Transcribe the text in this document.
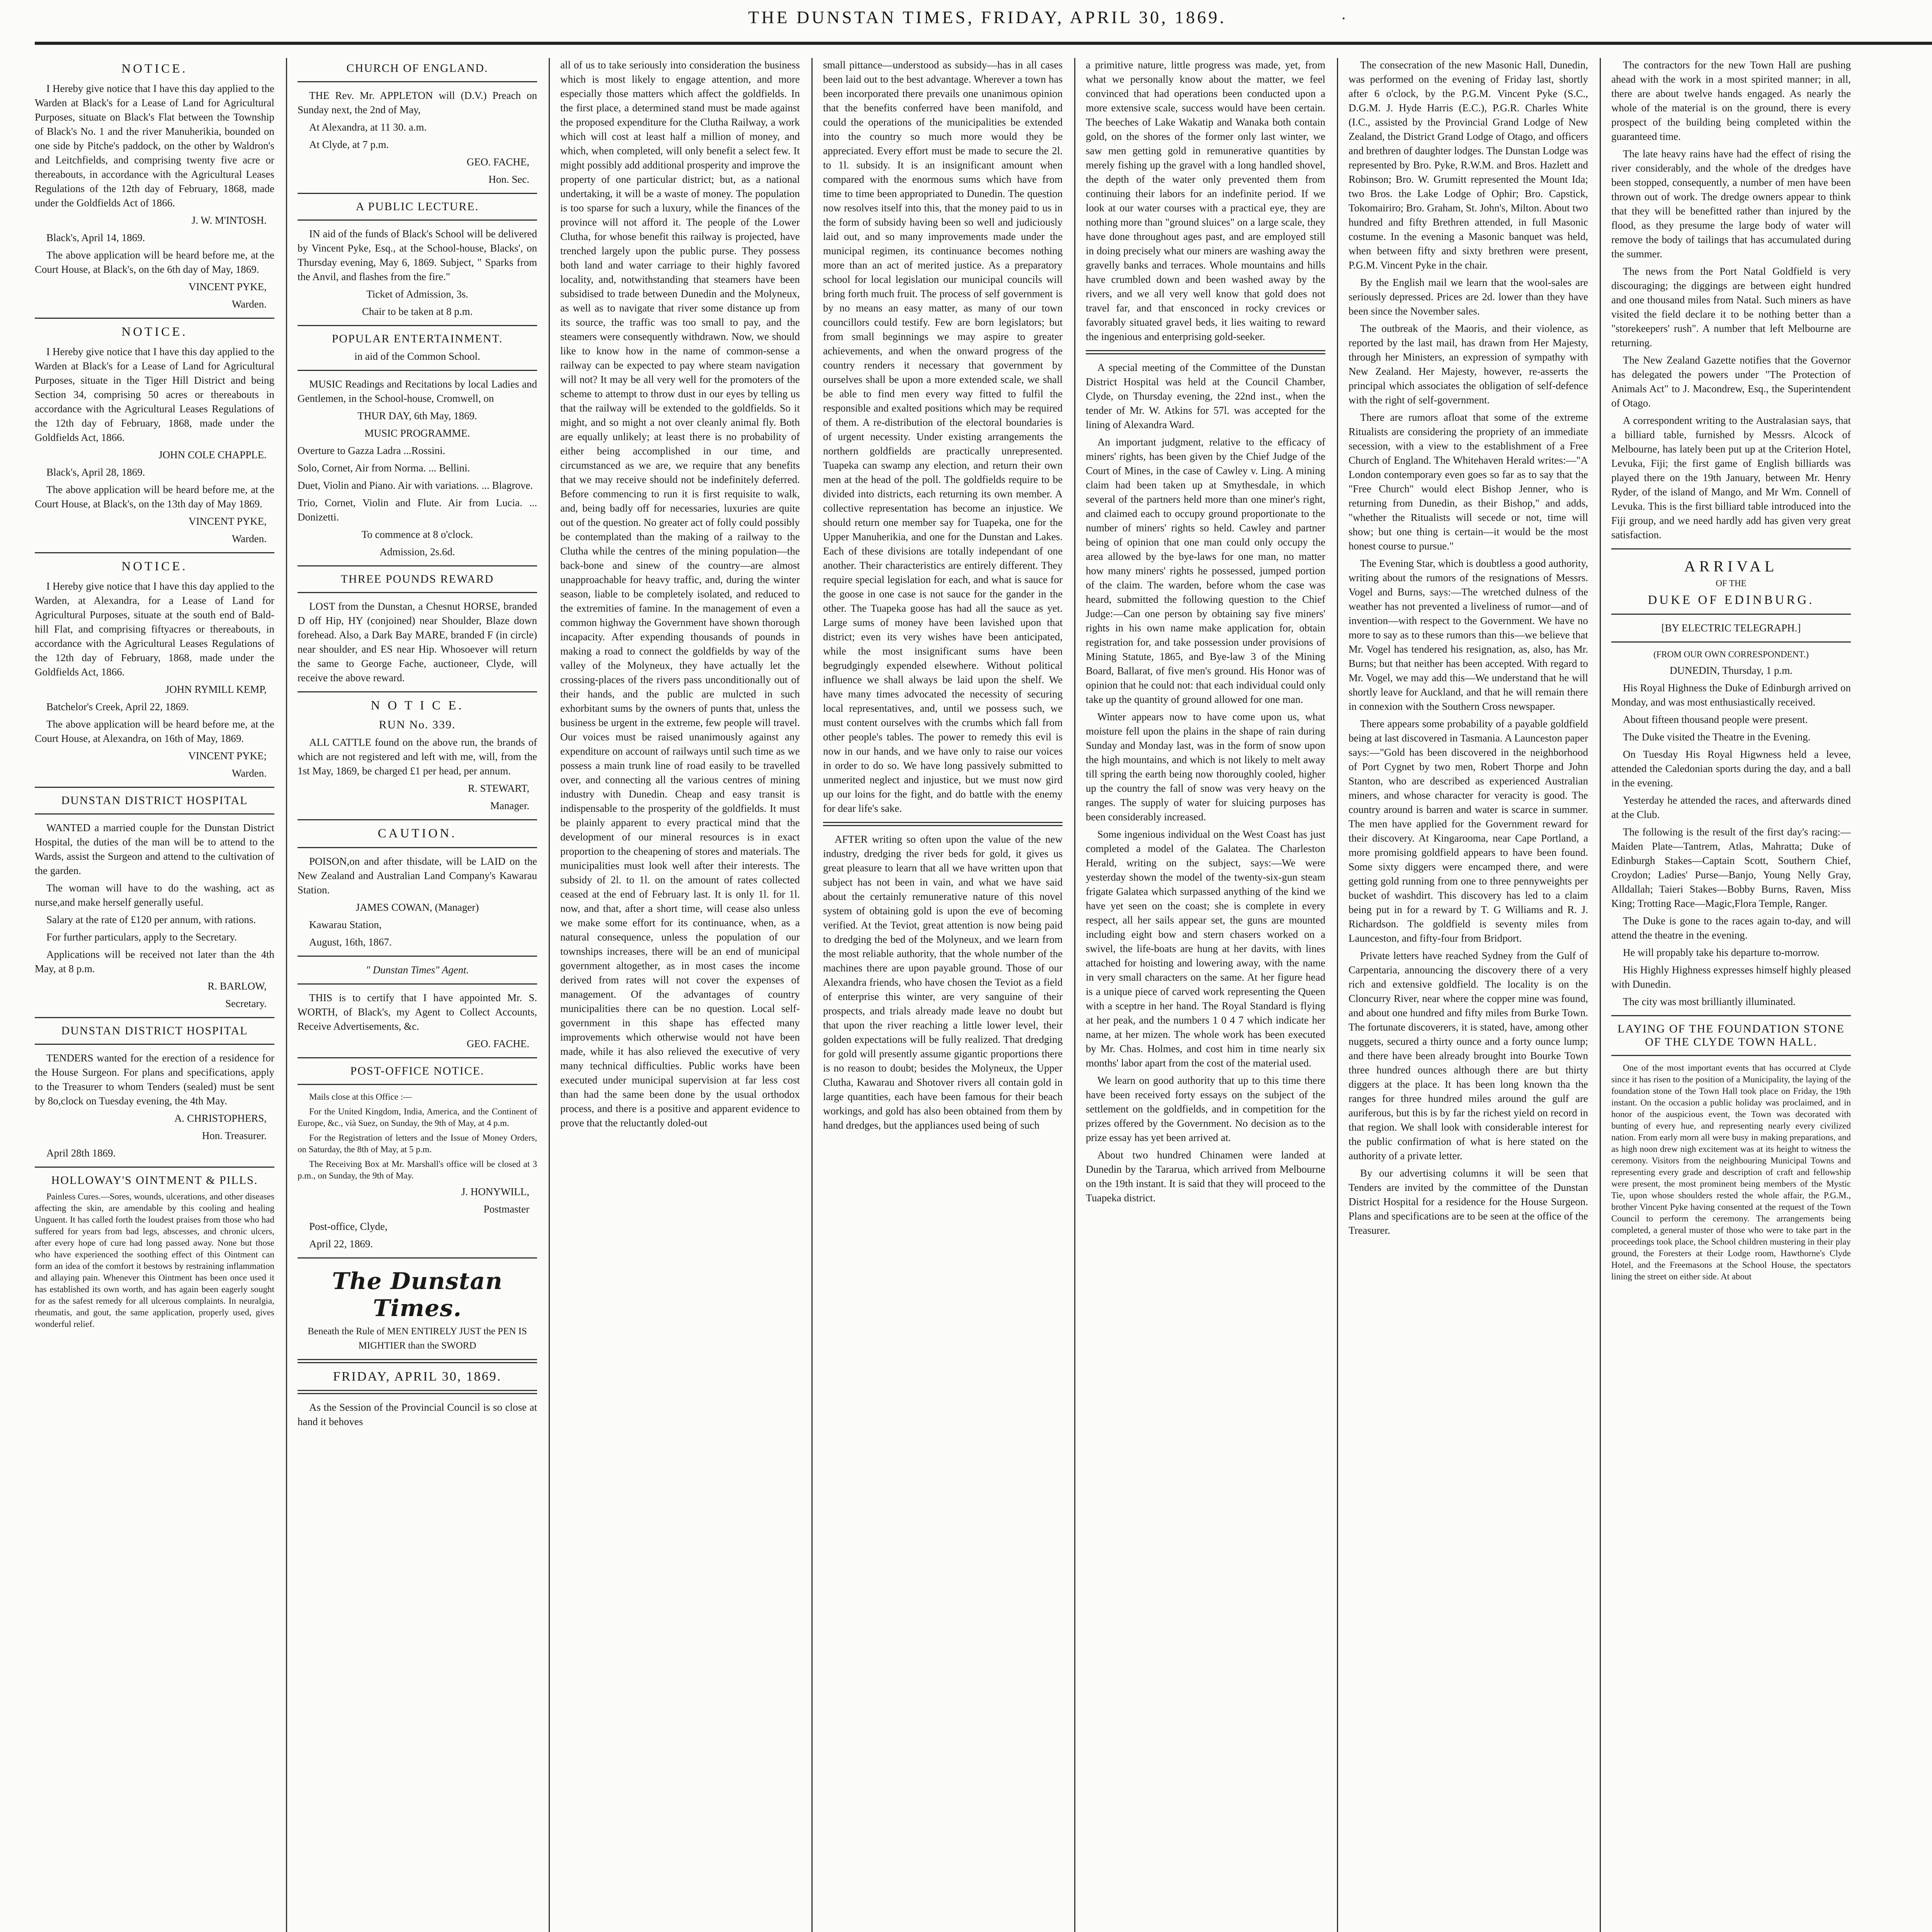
THE DUNSTAN TIMES, FRIDAY, APRIL 30, 1869.	·
NOTICE.

I Hereby give notice that I have this day applied to the Warden at Black's for a Lease of Land for Agricultural Purposes, situate on Black's Flat between the Township of Black's No. 1 and the river Manuherikia, bounded on one side by Pitche's paddock, on the other by Waldron's and Leitchfields, and comprising twenty five acre or thereabouts, in accordance with the Agricultural Leases Regulations of the 12th day of February, 1868, made under the Goldfields Act of 1866.

J. W. M'INTOSH.

Black's, April 14, 1869.

The above application will be heard before me, at the Court House, at Black's, on the 6th day of May, 1869.

VINCENT PYKE,

Warden.

NOTICE.

I Hereby give notice that I have this day applied to the Warden at Black's for a Lease of Land for Agricultural Purposes, situate in the Tiger Hill District and being Section 34, comprising 50 acres or thereabouts in accordance with the Agricultural Leases Regulations of the 12th day of February, 1868, made under the Goldfields Act, 1866.

JOHN COLE CHAPPLE.

Black's, April 28, 1869.

The above application will be heard before me, at the Court House, at Black's, on the 13th day of May 1869.

VINCENT PYKE,

Warden.

NOTICE.

I Hereby give notice that I have this day applied to the Warden, at Alexandra, for a Lease of Land for Agricultural Purposes, situate at the south end of Bald-hill Flat, and comprising fiftyacres or thereabouts, in accordance with the Agricultural Leases Regulations of the 12th day of February, 1868, made under the Goldfields Act, 1866.

JOHN RYMILL KEMP,

Batchelor's Creek, April 22, 1869.

The above application will be heard before me, at the Court House, at Alexandra, on 16th of May, 1869.

VINCENT PYKE;

Warden.

DUNSTAN DISTRICT HOSPITAL

WANTED a married couple for the Dunstan District Hospital, the duties of the man will be to attend to the Wards, assist the Surgeon and attend to the cultivation of the garden.

The woman will have to do the washing, act as nurse,and make herself generally useful.

Salary at the rate of £120 per annum, with rations.

For further particulars, apply to the Secretary.

Applications will be received not later than the 4th May, at 8 p.m.

R. BARLOW,

Secretary.

DUNSTAN DISTRICT HOSPITAL

TENDERS wanted for the erection of a residence for the House Surgeon. For plans and specifications, apply to the Treasurer to whom Tenders (sealed) must be sent by 8o,clock on Tuesday evening, the 4th May.

A. CHRISTOPHERS,

Hon. Treasurer.

April 28th 1869.

HOLLOWAY'S OINTMENT & PILLS.

Painless Cures.—Sores, wounds, ulcerations, and other diseases affecting the skin, are amendable by this cooling and healing Unguent. It has called forth the loudest praises from those who had suffered for years from bad legs, abscesses, and chronic ulcers, after every hope of cure had long passed away. None but those who have experienced the soothing effect of this Ointment can form an idea of the comfort it bestows by restraining inflammation and allaying pain. Whenever this Ointment has been once used it has established its own worth, and has again been eagerly sought for as the safest remedy for all ulcerous complaints. In neuralgia, rheumatis, and gout, the same application, properly used, gives wonderful relief.

CHURCH OF ENGLAND.

THE Rev. Mr. APPLETON will (D.V.) Preach on Sunday next, the 2nd of May,

At Alexandra, at 11 30. a.m.

At Clyde, at 7 p.m.

GEO. FACHE,

Hon. Sec.

A PUBLIC LECTURE.

IN aid of the funds of Black's School will be delivered by Vincent Pyke, Esq., at the School-house, Blacks', on Thursday evening, May 6, 1869. Subject, " Sparks from the Anvil, and flashes from the fire."

Ticket of Admission, 3s.

Chair to be taken at 8 p.m.

POPULAR ENTERTAINMENT.

in aid of the Common School.

MUSIC Readings and Recitations by local Ladies and Gentlemen, in the School-house, Cromwell, on

THUR DAY, 6th May, 1869.

MUSIC PROGRAMME.

Overture to Gazza Ladra ...Rossini.

Solo, Cornet, Air from Norma. ... Bellini.

Duet, Violin and Piano. Air with variations. ... Blagrove.

Trio, Cornet, Violin and Flute. Air from Lucia. ... Donizetti.

To commence at 8 o'clock.

Admission, 2s.6d.

THREE POUNDS REWARD

LOST from the Dunstan, a Chesnut HORSE, branded D off Hip, HY (conjoined) near Shoulder, Blaze down forehead. Also, a Dark Bay MARE, branded F (in circle) near shoulder, and ES near Hip. Whosoever will return the same to George Fache, auctioneer, Clyde, will receive the above reward.

N O T I C E.
RUN No. 339.

ALL CATTLE found on the above run, the brands of which are not registered and left with me, will, from the 1st May, 1869, be charged £1 per head, per annum.

R. STEWART,

Manager.

CAUTION.

POISON,on and after thisdate, will be LAID on the New Zealand and Australian Land Company's Kawarau Station.

JAMES COWAN, (Manager)

Kawarau Station,

August, 16th, 1867.

" Dunstan Times" Agent.

THIS is to certify that I have appointed Mr. S. WORTH, of Black's, my Agent to Collect Accounts, Receive Advertisements, &c.

GEO. FACHE.

POST-OFFICE NOTICE.

Mails close at this Office :—

For the United Kingdom, India, America, and the Continent of Europe, &c., vià Suez, on Sunday, the 9th of May, at 4 p.m.

For the Registration of letters and the Issue of Money Orders, on Saturday, the 8th of May, at 5 p.m.

The Receiving Box at Mr. Marshall's office will be closed at 3 p.m., on Sunday, the 9th of May.

J. HONYWILL,

Postmaster

Post-office, Clyde,

April 22, 1869.

The Dunstan Times.

Beneath the Rule of MEN ENTIRELY JUST the PEN IS MIGHTIER than the SWORD

FRIDAY, APRIL 30, 1869.

As the Session of the Provincial Council is so close at hand it behoves

all of us to take seriously into consideration the business which is most likely to engage attention, and more especially those matters which affect the goldfields. In the first place, a determined stand must be made against the proposed expenditure for the Clutha Railway, a work which will cost at least half a million of money, and which, when completed, will only benefit a select few. It might possibly add additional prosperity and improve the property of one particular district; but, as a national undertaking, it will be a waste of money. The population is too sparse for such a luxury, while the finances of the province will not afford it. The people of the Lower Clutha, for whose benefit this railway is projected, have trenched largely upon the public purse. They possess both land and water carriage to their highly favored locality, and, notwithstanding that steamers have been subsidised to trade between Dunedin and the Molyneux, as well as to navigate that river some distance up from its source, the traffic was too small to pay, and the steamers were consequently withdrawn. Now, we should like to know how in the name of common-sense a railway can be expected to pay where steam navigation will not? It may be all very well for the promoters of the scheme to attempt to throw dust in our eyes by telling us that the railway will be extended to the goldfields. So it might, and so might a not over cleanly animal fly. Both are equally unlikely; at least there is no probability of either being accomplished in our time, and circumstanced as we are, we require that any benefits that we may receive should not be indefinitely deferred. Before commencing to run it is first requisite to walk, and, being badly off for necessaries, luxuries are quite out of the question. No greater act of folly could possibly be contemplated than the making of a railway to the Clutha while the centres of the mining population—the back-bone and sinew of the country—are almost unapproachable for heavy traffic, and, during the winter season, liable to be completely isolated, and reduced to the extremities of famine. In the management of even a common highway the Government have shown thorough incapacity. After expending thousands of pounds in making a road to connect the goldfields by way of the valley of the Molyneux, they have actually let the crossing-places of the rivers pass unconditionally out of their hands, and the public are mulcted in such exhorbitant sums by the owners of punts that, unless the business be urgent in the extreme, few people will travel. Our voices must be raised unanimously against any expenditure on account of railways until such time as we possess a main trunk line of road easily to be travelled over, and connecting all the various centres of mining industry with Dunedin. Cheap and easy transit is indispensable to the prosperity of the goldfields. It must be plainly apparent to every practical mind that the development of our mineral resources is in exact proportion to the cheapening of stores and materials. The municipalities must look well after their interests. The subsidy of 2l. to 1l. on the amount of rates collected ceased at the end of February last. It is only 1l. for 1l. now, and that, after a short time, will cease also unless we make some effort for its continuance, when, as a natural consequence, unless the population of our townships increases, there will be an end of municipal government altogether, as in most cases the income derived from rates will not cover the expenses of management. Of the advantages of country municipalities there can be no question. Local self-government in this shape has effected many improvements which otherwise would not have been made, while it has also relieved the executive of very many technical difficulties. Public works have been executed under municipal supervision at far less cost than had the same been done by the usual orthodox process, and there is a positive and apparent evidence to prove that the reluctantly doled-out

small pittance—understood as subsidy—has in all cases been laid out to the best advantage. Wherever a town has been incorporated there prevails one unanimous opinion that the benefits conferred have been manifold, and could the operations of the municipalities be extended into the country so much more would they be appreciated. Every effort must be made to secure the 2l. to 1l. subsidy. It is an insignificant amount when compared with the enormous sums which have from time to time been appropriated to Dunedin. The question now resolves itself into this, that the money paid to us in the form of subsidy having been so well and judiciously laid out, and so many improvements made under the municipal regimen, its continuance becomes nothing more than an act of merited justice. As a preparatory school for local legislation our municipal councils will bring forth much fruit. The process of self government is by no means an easy matter, as many of our town councillors could testify. Few are born legislators; but from small beginnings we may aspire to greater achievements, and when the onward progress of the country renders it necessary that government by ourselves shall be upon a more extended scale, we shall be able to find men every way fitted to fulfil the responsible and exalted positions which may be required of them. A re-distribution of the electoral boundaries is of urgent necessity. Under existing arrangements the northern goldfields are practically unrepresented. Tuapeka can swamp any election, and return their own men at the head of the poll. The goldfields require to be divided into districts, each returning its own member. A collective representation has become an injustice. We should return one member say for Tuapeka, one for the Upper Manuherikia, and one for the Dunstan and Lakes. Each of these divisions are totally independant of one another. Their characteristics are entirely different. They require special legislation for each, and what is sauce for the goose in one case is not sauce for the gander in the other. The Tuapeka goose has had all the sauce as yet. Large sums of money have been lavished upon that district; even its very wishes have been anticipated, while the most insignificant sums have been begrudgingly expended elsewhere. Without political influence we shall always be laid upon the shelf. We have many times advocated the necessity of securing local representatives, and, until we possess such, we must content ourselves with the crumbs which fall from other people's tables. The power to remedy this evil is now in our hands, and we have only to raise our voices in order to do so. We have long passively submitted to unmerited neglect and injustice, but we must now gird up our loins for the fight, and do battle with the enemy for dear life's sake.

AFTER writing so often upon the value of the new industry, dredging the river beds for gold, it gives us great pleasure to learn that all we have written upon that subject has not been in vain, and what we have said about the certainly remunerative nature of this novel system of obtaining gold is upon the eve of becoming verified. At the Teviot, great attention is now being paid to dredging the bed of the Molyneux, and we learn from the most reliable authority, that the whole number of the machines there are upon payable ground. Those of our Alexandra friends, who have chosen the Teviot as a field of enterprise this winter, are very sanguine of their prospects, and trials already made leave no doubt but that upon the river reaching a little lower level, their golden expectations will be fully realized. That dredging for gold will presently assume gigantic proportions there is no reason to doubt; besides the Molyneux, the Upper Clutha, Kawarau and Shotover rivers all contain gold in large quantities, each have been famous for their beach workings, and gold has also been obtained from them by hand dredges, but the appliances used being of such

a primitive nature, little progress was made, yet, from what we personally know about the matter, we feel convinced that had operations been conducted upon a more extensive scale, success would have been certain. The beeches of Lake Wakatip and Wanaka both contain gold, on the shores of the former only last winter, we saw men getting gold in remunerative quantities by merely fishing up the gravel with a long handled shovel, the depth of the water only prevented them from continuing their labors for an indefinite period. If we look at our water courses with a practical eye, they are nothing more than "ground sluices" on a large scale, they have done throughout ages past, and are employed still in doing precisely what our miners are washing away the gravelly banks and terraces. Whole mountains and hills have crumbled down and been washed away by the rivers, and we all very well know that gold does not travel far, and that ensconced in rocky crevices or favorably situated gravel beds, it lies waiting to reward the ingenious and enterprising gold-seeker.

A special meeting of the Committee of the Dunstan District Hospital was held at the Council Chamber, Clyde, on Thursday evening, the 22nd inst., when the tender of Mr. W. Atkins for 57l. was accepted for the lining of Alexandra Ward.

An important judgment, relative to the efficacy of miners' rights, has been given by the Chief Judge of the Court of Mines, in the case of Cawley v. Ling. A mining claim had been taken up at Smythesdale, in which several of the partners held more than one miner's right, and claimed each to occupy ground proportionate to the number of miners' rights so held. Cawley and partner being of opinion that one man could only occupy the area allowed by the bye-laws for one man, no matter how many miners' rights he possessed, jumped portion of the claim. The warden, before whom the case was heard, submitted the following question to the Chief Judge:—Can one person by obtaining say five miners' rights in his own name make application for, obtain registration for, and take possession under provisions of Mining Statute, 1865, and Bye-law 3 of the Mining Board, Ballarat, of five men's ground. His Honor was of opinion that he could not: that each individual could only take up the quantity of ground allowed for one man.

Winter appears now to have come upon us, what moisture fell upon the plains in the shape of rain during Sunday and Monday last, was in the form of snow upon the high mountains, and which is not likely to melt away till spring the earth being now thoroughly cooled, higher up the country the fall of snow was very heavy on the ranges. The supply of water for sluicing purposes has been considerably increased.

Some ingenious individual on the West Coast has just completed a model of the Galatea. The Charleston Herald, writing on the subject, says:—We were yesterday shown the model of the twenty-six-gun steam frigate Galatea which surpassed anything of the kind we have yet seen on the coast; she is complete in every respect, all her sails appear set, the guns are mounted including eight bow and stern chasers worked on a swivel, the life-boats are hung at her davits, with lines attached for hoisting and lowering away, with the name in very small characters on the same. At her figure head is a unique piece of carved work representing the Queen with a sceptre in her hand. The Royal Standard is flying at her peak, and the numbers 1 0 4 7 which indicate her name, at her mizen. The whole work has been executed by Mr. Chas. Holmes, and cost him in time nearly six months' labor apart from the cost of the material used.

We learn on good authority that up to this time there have been received forty essays on the subject of the settlement on the goldfields, and in competition for the prizes offered by the Government. No decision as to the prize essay has yet been arrived at.

About two hundred Chinamen were landed at Dunedin by the Tararua, which arrived from Melbourne on the 19th instant. It is said that they will proceed to the Tuapeka district.

The consecration of the new Masonic Hall, Dunedin, was performed on the evening of Friday last, shortly after 6 o'clock, by the P.G.M. Vincent Pyke (S.C., D.G.M. J. Hyde Harris (E.C.), P.G.R. Charles White (I.C., assisted by the Provincial Grand Lodge of New Zealand, the District Grand Lodge of Otago, and officers and brethren of daughter lodges. The Dunstan Lodge was represented by Bro. Pyke, R.W.M. and Bros. Hazlett and Robinson; Bro. W. Grumitt represented the Mount Ida; two Bros. the Lake Lodge of Ophir; Bro. Capstick, Tokomairiro; Bro. Graham, St. John's, Milton. About two hundred and fifty Brethren attended, in full Masonic costume. In the evening a Masonic banquet was held, when between fifty and sixty brethren were present, P.G.M. Vincent Pyke in the chair.

By the English mail we learn that the wool-sales are seriously depressed. Prices are 2d. lower than they have been since the November sales.

The outbreak of the Maoris, and their violence, as reported by the last mail, has drawn from Her Majesty, through her Ministers, an expression of sympathy with New Zealand. Her Majesty, however, re-asserts the principal which associates the obligation of self-defence with the right of self-government.

There are rumors afloat that some of the extreme Ritualists are considering the propriety of an immediate secession, with a view to the establishment of a Free Church of England. The Whitehaven Herald writes:—"A London contemporary even goes so far as to say that the "Free Church" would elect Bishop Jenner, who is returning from Dunedin, as their Bishop," and adds, "whether the Ritualists will secede or not, time will show; but one thing is certain—it would be the most honest course to pursue."

The Evening Star, which is doubtless a good authority, writing about the rumors of the resignations of Messrs. Vogel and Burns, says:—The wretched dulness of the weather has not prevented a liveliness of rumor—and of invention—with respect to the Government. We have no more to say as to these rumors than this—we believe that Mr. Vogel has tendered his resignation, as, also, has Mr. Burns; but that neither has been accepted. With regard to Mr. Vogel, we may add this—We understand that he will shortly leave for Auckland, and that he will remain there in connexion with the Southern Cross newspaper.

There appears some probability of a payable goldfield being at last discovered in Tasmania. A Launceston paper says:—"Gold has been discovered in the neighborhood of Port Cygnet by two men, Robert Thorpe and John Stanton, who are described as experienced Australian miners, and whose character for veracity is good. The country around is barren and water is scarce in summer. The men have applied for the Government reward for their discovery. At Kingarooma, near Cape Portland, a more promising goldfield appears to have been found. Some sixty diggers were encamped there, and were getting gold running from one to three pennyweights per bucket of washdirt. This discovery has led to a claim being put in for a reward by T. G Williams and R. J. Richardson. The goldfield is seventy miles from Launceston, and fifty-four from Bridport.

Private letters have reached Sydney from the Gulf of Carpentaria, announcing the discovery there of a very rich and extensive goldfield. The locality is on the Cloncurry River, near where the copper mine was found, and about one hundred and fifty miles from Burke Town. The fortunate discoverers, it is stated, have, among other nuggets, secured a thirty ounce and a forty ounce lump; and there have been already brought into Bourke Town three hundred ounces although there are but thirty diggers at the place. It has been long known tha the ranges for three hundred miles around the gulf are auriferous, but this is by far the richest yield on record in that region. We shall look with considerable interest for the public confirmation of what is here stated on the authority of a private letter.

By our advertising columns it will be seen that Tenders are invited by the committee of the Dunstan District Hospital for a residence for the House Surgeon. Plans and specifications are to be seen at the office of the Treasurer.

The contractors for the new Town Hall are pushing ahead with the work in a most spirited manner; in all, there are about twelve hands engaged. As nearly the whole of the material is on the ground, there is every prospect of the building being completed within the guaranteed time.

The late heavy rains have had the effect of rising the river considerably, and the whole of the dredges have been stopped, consequently, a number of men have been thrown out of work. The dredge owners appear to think that they will be benefitted rather than injured by the flood, as they presume the large body of water will remove the body of tailings that has accumulated during the summer.

The news from the Port Natal Goldfield is very discouraging; the diggings are between eight hundred and one thousand miles from Natal. Such miners as have visited the field declare it to be nothing better than a "storekeepers' rush". A number that left Melbourne are returning.

The New Zealand Gazette notifies that the Governor has delegated the powers under "The Protection of Animals Act" to J. Macondrew, Esq., the Superintendent of Otago.

A correspondent writing to the Australasian says, that a billiard table, furnished by Messrs. Alcock of Melbourne, has lately been put up at the Criterion Hotel, Levuka, Fiji; the first game of English billiards was played there on the 19th January, between Mr. Henry Ryder, of the island of Mango, and Mr Wm. Connell of Levuka. This is the first billiard table introduced into the Fiji group, and we need hardly add has given very great satisfaction.

ARRIVAL

OF THE

DUKE OF EDINBURG.

[BY ELECTRIC TELEGRAPH.]

(FROM OUR OWN CORRESPONDENT.)

DUNEDIN, Thursday, 1 p.m.

His Royal Highness the Duke of Edinburgh arrived on Monday, and was most enthusiastically received.

About fifteen thousand people were present.

The Duke visited the Theatre in the Evening.

On Tuesday His Royal Higwness held a levee, attended the Caledonian sports during the day, and a ball in the evening.

Yesterday he attended the races, and afterwards dined at the Club.

The following is the result of the first day's racing:—Maiden Plate—Tantrem, Atlas, Mahratta; Duke of Edinburgh Stakes—Captain Scott, Southern Chief, Croydon; Ladies' Purse—Banjo, Young Nelly Gray, Alldallah; Taieri Stakes—Bobby Burns, Raven, Miss King; Trotting Race—Magic,Flora Temple, Ranger.

The Duke is gone to the races again to-day, and will attend the theatre in the evening.

He will propably take his departure to-morrow.

His Highly Highness expresses himself highly pleased with Dunedin.

The city was most brilliantly illuminated.

LAYING OF THE FOUNDATION STONE OF THE CLYDE TOWN HALL.

One of the most important events that has occurred at Clyde since it has risen to the position of a Municipality, the laying of the foundation stone of the Town Hall took place on Friday, the 19th instant. On the occasion a public holiday was proclaimed, and in honor of the auspicious event, the Town was decorated with bunting of every hue, and representing nearly every civilized nation. From early morn all were busy in making preparations, and as high noon drew nigh excitement was at its height to witness the ceremony. Visitors from the neighbouring Municipal Towns and representing every grade and description of craft and fellowship were present, the most prominent being members of the Mystic Tie, upon whose shoulders rested the whole affair, the P.G.M., brother Vincent Pyke having consented at the request of the Town Council to perform the ceremony. The arrangements being completed, a general muster of those who were to take part in the proceedings took place, the School children mustering in their play ground, the Foresters at their Lodge room, Hawthorne's Clyde Hotel, and the Freemasons at the School House, the spectators lining the street on either side. At about
